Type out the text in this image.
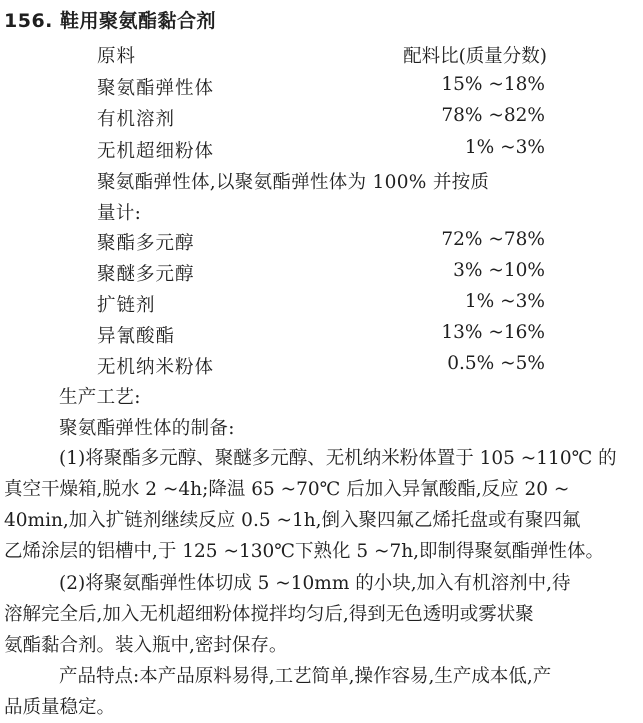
156. 鞋用聚氨酯黏合剂
原料	配料比(质量分数)
聚氨酯弹性体	15% ~18%
有机溶剂	78% ~82%
无机超细粉体	1% ~3%
聚氨酯弹性体,以聚氨酯弹性体为 100% 并按质
量计:
聚酯多元醇	72% ~78%
聚醚多元醇	3% ~10%
扩链剂	1% ~3%
异氰酸酯	13% ~16%
无机纳米粉体	0.5% ~5%
生产工艺:
聚氨酯弹性体的制备:
(1)将聚酯多元醇、聚醚多元醇、无机纳米粉体置于 105 ~110℃ 的
真空干燥箱,脱水 2 ~4h;降温 65 ~70℃ 后加入异氰酸酯,反应 20 ~
40min,加入扩链剂继续反应 0.5 ~1h,倒入聚四氟乙烯托盘或有聚四氟
乙烯涂层的铝槽中,于 125 ~130℃下熟化 5 ~7h,即制得聚氨酯弹性体。
(2)将聚氨酯弹性体切成 5 ~10mm 的小块,加入有机溶剂中,待
溶解完全后,加入无机超细粉体搅拌均匀后,得到无色透明或雾状聚
氨酯黏合剂。装入瓶中,密封保存。
产品特点:本产品原料易得,工艺简单,操作容易,生产成本低,产
品质量稳定。
